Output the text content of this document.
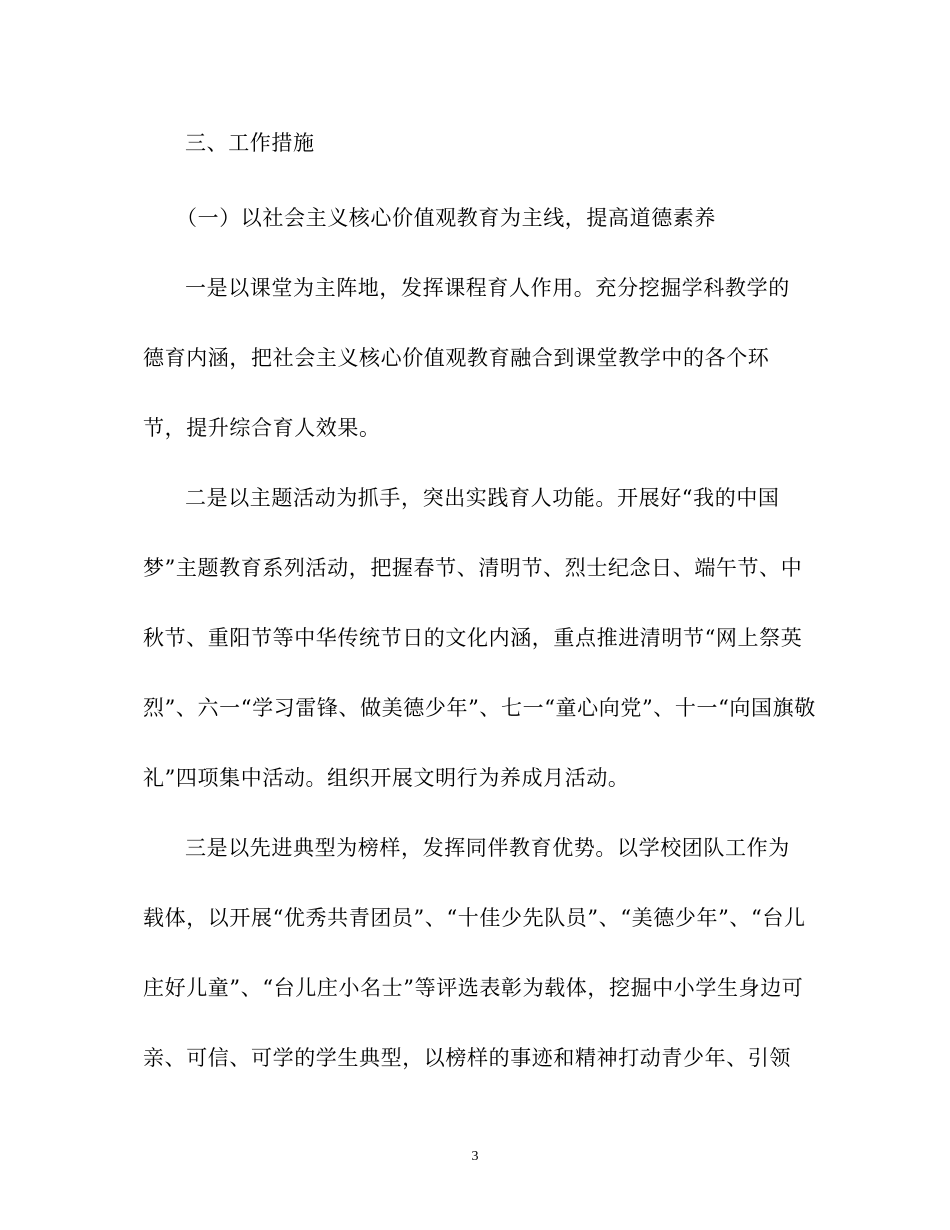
三、工作措施
（一）以社会主义核心价值观教育为主线，提高道德素养
一是以课堂为主阵地，发挥课程育人作用。充分挖掘学科教学的
德育内涵，把社会主义核心价值观教育融合到课堂教学中的各个环
节，提升综合育人效果。
二是以主题活动为抓手，突出实践育人功能。开展好“我的中国
梦”主题教育系列活动，把握春节、清明节、烈士纪念日、端午节、中
秋节、重阳节等中华传统节日的文化内涵，重点推进清明节“网上祭英
烈”、六一“学习雷锋、做美德少年”、七一“童心向党”、十一“向国旗敬
礼”四项集中活动。组织开展文明行为养成月活动。
三是以先进典型为榜样，发挥同伴教育优势。以学校团队工作为
载体，以开展“优秀共青团员”、“十佳少先队员”、“美德少年”、“台儿
庄好儿童”、“台儿庄小名士”等评选表彰为载体，挖掘中小学生身边可
亲、可信、可学的学生典型，以榜样的事迹和精神打动青少年、引领
3
